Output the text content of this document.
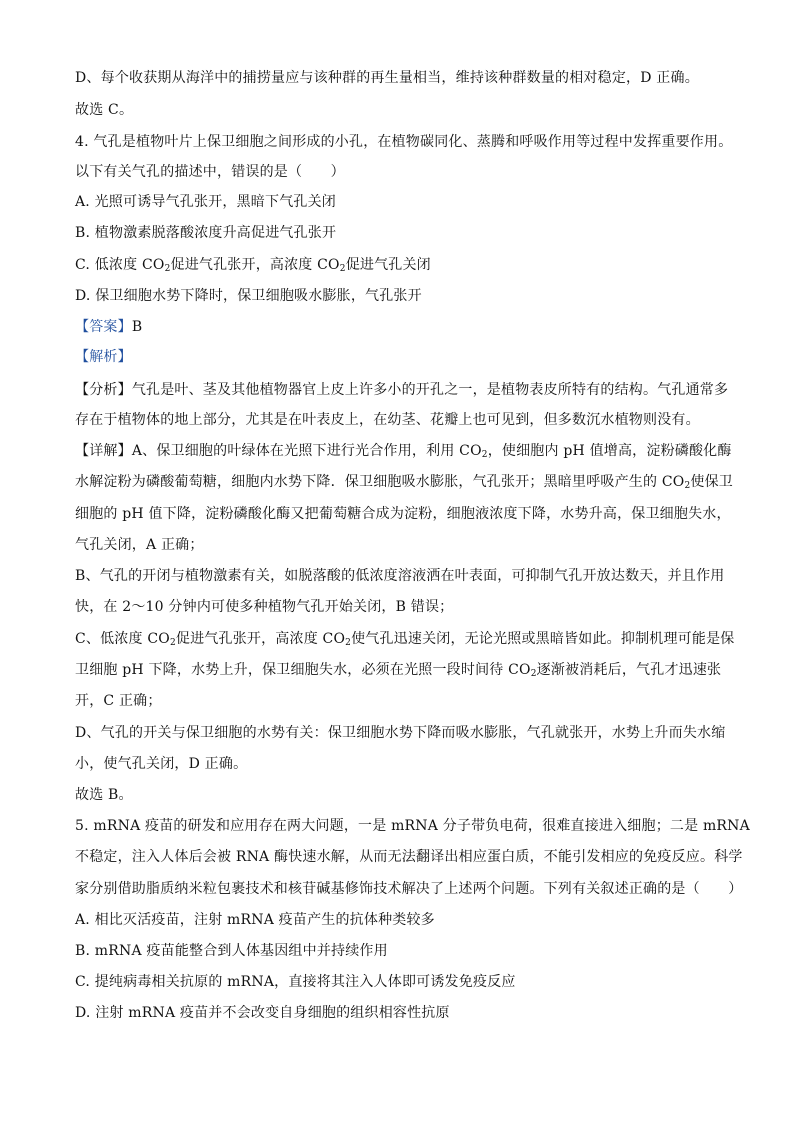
D、每个收获期从海洋中的捕捞量应与该种群的再生量相当，维持该种群数量的相对稳定，D 正确。
故选 C。
4. 气孔是植物叶片上保卫细胞之间形成的小孔，在植物碳同化、蒸腾和呼吸作用等过程中发挥重要作用。
以下有关气孔的描述中，错误的是（　　）
A. 光照可诱导气孔张开，黑暗下气孔关闭
B. 植物激素脱落酸浓度升高促进气孔张开
C. 低浓度 $CO_2$促进气孔张开，高浓度 $CO_2$促进气孔关闭
D. 保卫细胞水势下降时，保卫细胞吸水膨胀，气孔张开
【答案】B
【解析】
【分析】气孔是叶、茎及其他植物器官上皮上许多小的开孔之一，是植物表皮所特有的结构。气孔通常多
存在于植物体的地上部分，尤其是在叶表皮上，在幼茎、花瓣上也可见到，但多数沉水植物则没有。
【详解】A、保卫细胞的叶绿体在光照下进行光合作用，利用 $CO_2$，使细胞内 pH 值增高，淀粉磷酸化酶
水解淀粉为磷酸葡萄糖，细胞内水势下降．保卫细胞吸水膨胀，气孔张开；黑暗里呼吸产生的 $CO_2$使保卫
细胞的 pH 值下降，淀粉磷酸化酶又把葡萄糖合成为淀粉，细胞液浓度下降，水势升高，保卫细胞失水，
气孔关闭，A 正确；
B、气孔的开闭与植物激素有关，如脱落酸的低浓度溶液洒在叶表面，可抑制气孔开放达数天，并且作用
快，在 2～10 分钟内可使多种植物气孔开始关闭，B 错误；
C、低浓度 $CO_2$促进气孔张开，高浓度 $CO_2$使气孔迅速关闭，无论光照或黑暗皆如此。抑制机理可能是保
卫细胞 pH 下降，水势上升，保卫细胞失水，必须在光照一段时间待 $CO_2$逐渐被消耗后，气孔才迅速张
开，C 正确；
D、气孔的开关与保卫细胞的水势有关：保卫细胞水势下降而吸水膨胀，气孔就张开，水势上升而失水缩
小，使气孔关闭，D 正确。
故选 B。
5. mRNA 疫苗的研发和应用存在两大问题，一是 mRNA 分子带负电荷，很难直接进入细胞；二是 mRNA
不稳定，注入人体后会被 RNA 酶快速水解，从而无法翻译出相应蛋白质，不能引发相应的免疫反应。科学
家分别借助脂质纳米粒包裹技术和核苷碱基修饰技术解决了上述两个问题。下列有关叙述正确的是（　　）
A. 相比灭活疫苗，注射 mRNA 疫苗产生的抗体种类较多
B. mRNA 疫苗能整合到人体基因组中并持续作用
C. 提纯病毒相关抗原的 mRNA，直接将其注入人体即可诱发免疫反应
D. 注射 mRNA 疫苗并不会改变自身细胞的组织相容性抗原
